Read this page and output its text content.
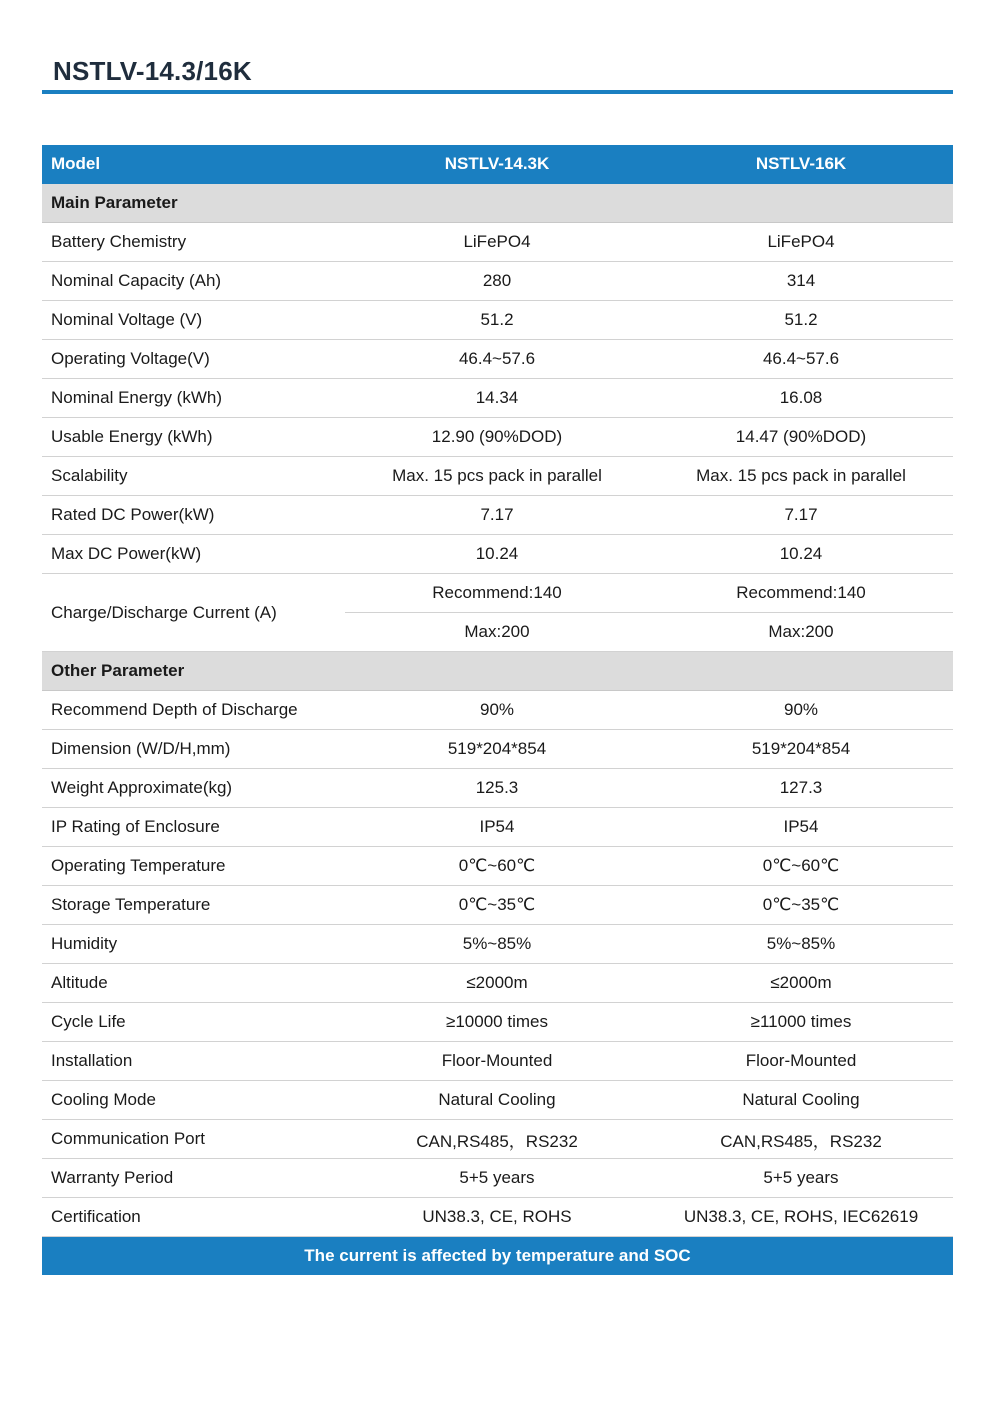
NSTLV-14.3/16K
Model	NSTLV-14.3K	NSTLV-16K
Main Parameter		
Battery Chemistry	LiFePO4	LiFePO4
Nominal Capacity (Ah)	280	314
Nominal Voltage (V)	51.2	51.2
Operating Voltage(V)	46.4~57.6	46.4~57.6
Nominal Energy (kWh)	14.34	16.08
Usable Energy (kWh)	12.90 (90%DOD)	14.47 (90%DOD)
Scalability	Max. 15 pcs pack in parallel	Max. 15 pcs pack in parallel
Rated DC Power(kW)	7.17	7.17
Max DC Power(kW)	10.24	10.24
Charge/Discharge Current (A)	Recommend:140	Recommend:140
	Max:200	Max:200
Other Parameter		
Recommend Depth of Discharge	90%	90%
Dimension (W/D/H,mm)	519*204*854	519*204*854
Weight Approximate(kg)	125.3	127.3
IP Rating of Enclosure	IP54	IP54
Operating Temperature	0℃~60℃	0℃~60℃
Storage Temperature	0℃~35℃	0℃~35℃
Humidity	5%~85%	5%~85%
Altitude	≤2000m	≤2000m
Cycle Life	≥10000 times	≥11000 times
Installation	Floor-Mounted	Floor-Mounted
Cooling Mode	Natural Cooling	Natural Cooling
Communication Port	CAN,RS485，RS232	CAN,RS485，RS232
Warranty Period	5+5 years	5+5 years
Certification	UN38.3, CE, ROHS	UN38.3, CE, ROHS, IEC62619
The current is affected by temperature and SOC		
